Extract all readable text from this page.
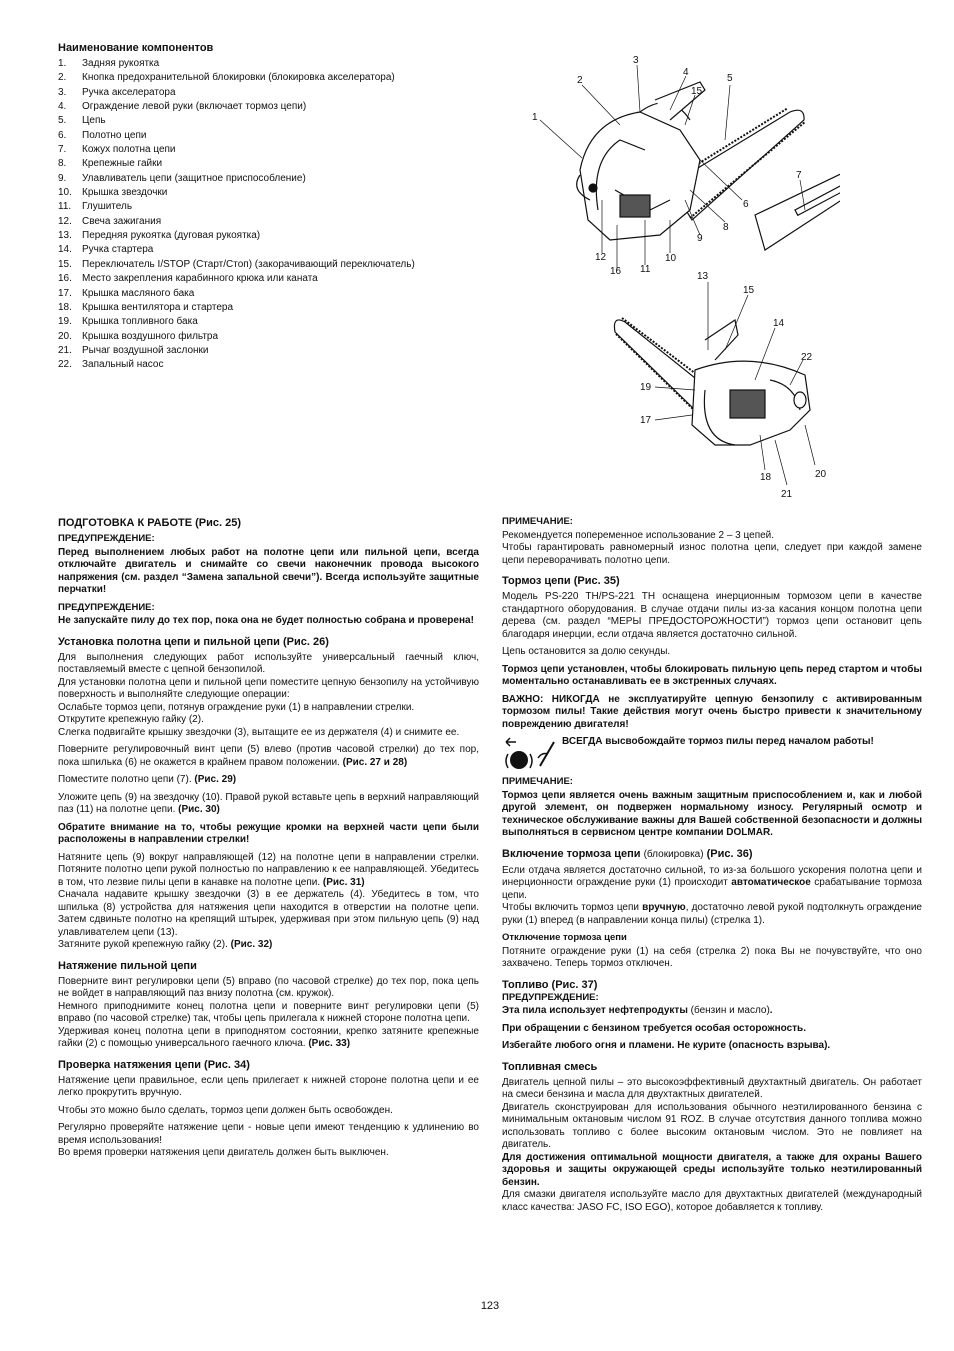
Наименование компонентов
1.	Задняя рукоятка
2.	Кнопка предохранительной блокировки (блокировка акселератора)
3.	Ручка акселератора
4.	Ограждение левой руки (включает тормоз цепи)
5.	Цепь
6.	Полотно цепи
7.	Кожух полотна цепи
8.	Крепежные гайки
9.	Улавливатель цепи (защитное приспособление)
10.	Крышка звездочки
11.	Глушитель
12.	Свеча зажигания
13.	Передняя рукоятка (дуговая рукоятка)
14.	Ручка стартера
15.	Переключатель I/STOP (Старт/Стоп) (закорачивающий переключатель)
16.	Место закрепления карабинного крюка или каната
17.	Крышка масляного бака
18.	Крышка вентилятора и стартера
19.	Крышка топливного бака
20.	Крышка воздушного фильтра
21.	Рычаг воздушной заслонки
22.	Запальный насос
1
2
3
4
15
5
7
6
8
9
10
11
12
16	13
15
14
22
19
17
18	20
21
ПОДГОТОВКА К РАБОТЕ (Рис. 25)
ПРЕДУПРЕЖДЕНИЕ:

Перед выполнением любых работ на полотне цепи или пильной цепи, всегда отключайте двигатель и снимайте со свечи наконечник провода высокого напряжения (см. раздел “Замена запальной свечи”). Всегда используйте защитные перчатки!

ПРЕДУПРЕЖДЕНИЕ:

Не запускайте пилу до тех пор, пока она не будет полностью собрана и проверена!

Установка полотна цепи и пильной цепи (Рис. 26)

Для выполнения следующих работ используйте универсальный гаечный ключ, поставляемый вместе с цепной бензопилой.

Для установки полотна цепи и пильной цепи поместите цепную бензопилу на устойчивую поверхность и выполняйте следующие операции:

Ослабьте тормоз цепи, потянув ограждение руки (1) в направлении стрелки.

Открутите крепежную гайку (2).

Слегка подвигайте крышку звездочки (3), вытащите ее из держателя (4) и снимите ее.

Поверните регулировочный винт цепи (5) влево (против часовой стрелки) до тех пор, пока шпилька (6) не окажется в крайнем правом положении. (Рис. 27 и 28)

Поместите полотно цепи (7). (Рис. 29)

Уложите цепь (9) на звездочку (10). Правой рукой вставьте цепь в верхний направляющий паз (11) на полотне цепи. (Рис. 30)

Обратите внимание на то, чтобы режущие кромки на верхней части цепи были расположены в направлении стрелки!

Натяните цепь (9) вокруг направляющей (12) на полотне цепи в направлении стрелки. Потяните полотно цепи рукой полностью по направлению к ее направляющей. Убедитесь в том, что лезвие пилы цепи в канавке на полотне цепи. (Рис. 31)

Сначала надавите крышку звездочки (3) в ее держатель (4). Убедитесь в том, что шпилька (8) устройства для натяжения цепи находится в отверстии на полотне цепи. Затем сдвиньте полотно на крепящий штырек, удерживая при этом пильную цепь (9) над улавливателем цепи (13).

Затяните рукой крепежную гайку (2). (Рис. 32)

Натяжение пильной цепи

Поверните винт регулировки цепи (5) вправо (по часовой стрелке) до тех пор, пока цепь не войдет в направляющий паз внизу полотна (см. кружок).

Немного приподнимите конец полотна цепи и поверните винт регулировки цепи (5) вправо (по часовой стрелке) так, чтобы цепь прилегала к нижней стороне полотна цепи.

Удерживая конец полотна цепи в приподнятом состоянии, крепко затяните крепежные гайки (2) с помощью универсального гаечного ключа. (Рис. 33)

Проверка натяжения цепи (Рис. 34)

Натяжение цепи правильное, если цепь прилегает к нижней стороне полотна цепи и ее легко прокрутить вручную.

Чтобы это можно было сделать, тормоз цепи должен быть освобожден.

Регулярно проверяйте натяжение цепи - новые цепи имеют тенденцию к удлинению во время использования!

Во время проверки натяжения цепи двигатель должен быть выключен.

ПРИМЕЧАНИЕ:

Рекомендуется попеременное использование 2 – 3 цепей.

Чтобы гарантировать равномерный износ полотна цепи, следует при каждой замене цепи переворачивать полотно цепи.

Тормоз цепи (Рис. 35)

Модель PS-220 TH/PS-221 TH оснащена инерционным тормозом цепи в качестве стандартного оборудования. В случае отдачи пилы из-за касания концом полотна цепи дерева (см. раздел “МЕРЫ ПРЕДОСТОРОЖНОСТИ”) тормоз цепи остановит цепь благодаря инерции, если отдача является достаточно сильной.

Цепь остановится за долю секунды.

Тормоз цепи установлен, чтобы блокировать пильную цепь перед стартом и чтобы моментально останавливать ее в экстренных случаях.

ВАЖНО: НИКОГДА не эксплуатируйте цепную бензопилу с активированным тормозом пилы! Такие действия могут очень быстро привести к значительному повреждению двигателя!

ВСЕГДА высвобождайте тормоз пилы перед началом работы!

ПРИМЕЧАНИЕ:

Тормоз цепи является очень важным защитным приспособлением и, как и любой другой элемент, он подвержен нормальному износу. Регулярный осмотр и техническое обслуживание важны для Вашей собственной безопасности и должны выполняться в сервисном центре компании DOLMAR.

Включение тормоза цепи (блокировка) (Рис. 36)

Если отдача является достаточно сильной, то из-за большого ускорения полотна цепи и инерционности ограждение руки (1) происходит автоматическое срабатывание тормоза цепи.

Чтобы включить тормоз цепи вручную, достаточно левой рукой подтолкнуть ограждение руки (1) вперед (в направлении конца пилы) (стрелка 1).

Отключение тормоза цепи

Потяните ограждение руки (1) на себя (стрелка 2) пока Вы не почувствуйте, что оно захвачено. Теперь тормоз отключен.

Топливо (Рис. 37)
ПРЕДУПРЕЖДЕНИЕ:

Эта пила использует нефтепродукты (бензин и масло).

При обращении с бензином требуется особая осторожность.

Избегайте любого огня и пламени. Не курите (опасность взрыва).

Топливная смесь

Двигатель цепной пилы – это высокоэффективный двухтактный двигатель. Он работает на смеси бензина и масла для двухтактных двигателей.

Двигатель сконструирован для использования обычного неэтилированного бензина с минимальным октановым числом 91 ROZ. В случае отсутствия данного топлива можно использовать топливо с более высоким октановым числом. Это не повлияет на двигатель.

Для достижения оптимальной мощности двигателя, а также для охраны Вашего здоровья и защиты окружающей среды используйте только неэтилированный бензин.

Для смазки двигателя используйте масло для двухтактных двигателей (международный класс качества: JASO FC, ISO EGO), которое добавляется к топливу.

123
